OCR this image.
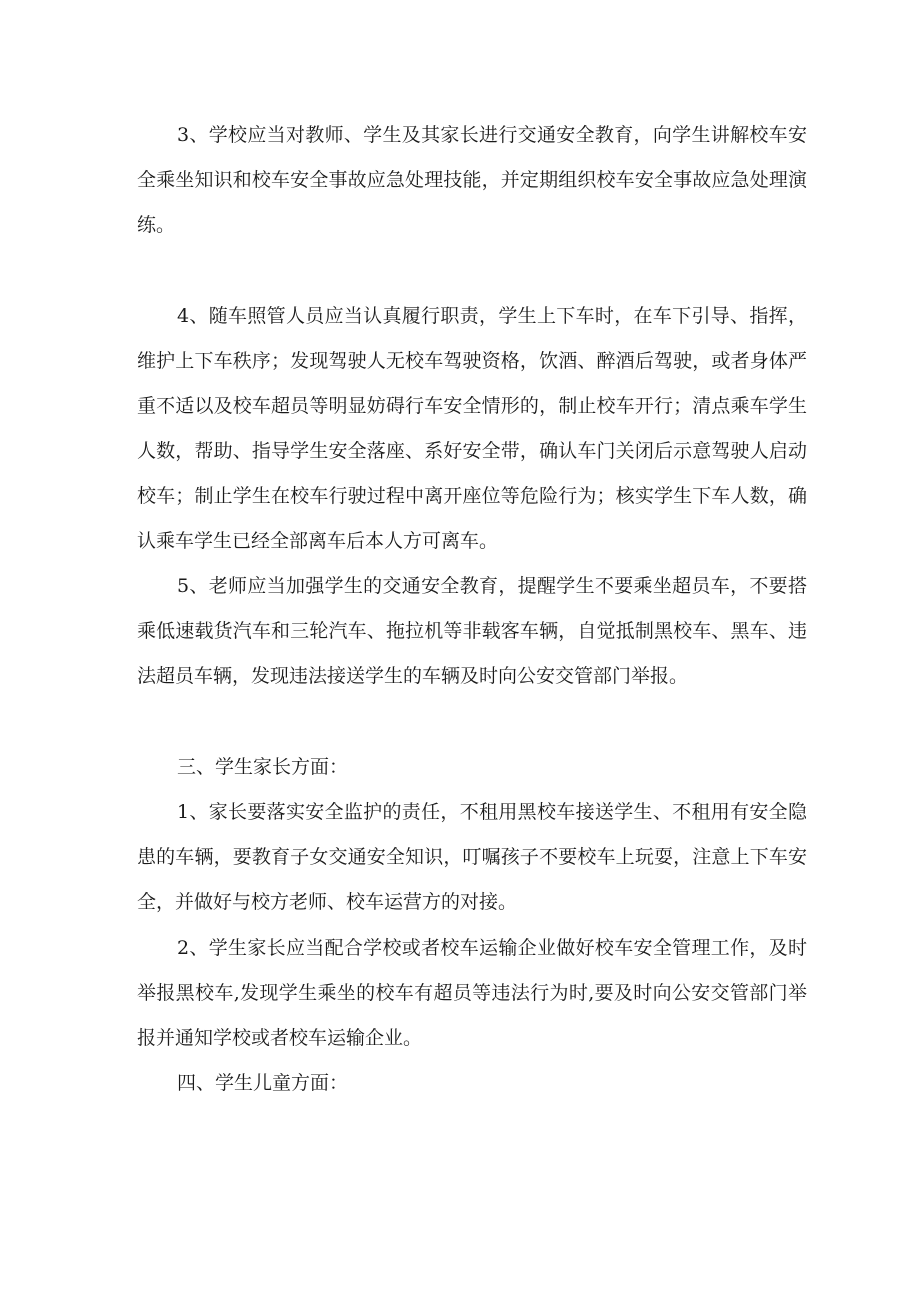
3、学校应当对教师、学生及其家长进行交通安全教育，向学生讲解校车安全乘坐知识和校车安全事故应急处理技能，并定期组织校车安全事故应急处理演练。

4、随车照管人员应当认真履行职责，学生上下车时，在车下引导、指挥，维护上下车秩序；发现驾驶人无校车驾驶资格，饮酒、醉酒后驾驶，或者身体严重不适以及校车超员等明显妨碍行车安全情形的，制止校车开行；清点乘车学生人数，帮助、指导学生安全落座、系好安全带，确认车门关闭后示意驾驶人启动校车；制止学生在校车行驶过程中离开座位等危险行为；核实学生下车人数，确认乘车学生已经全部离车后本人方可离车。

5、老师应当加强学生的交通安全教育，提醒学生不要乘坐超员车，不要搭乘低速载货汽车和三轮汽车、拖拉机等非载客车辆，自觉抵制黑校车、黑车、违法超员车辆，发现违法接送学生的车辆及时向公安交管部门举报。

三、学生家长方面：

1、家长要落实安全监护的责任，不租用黑校车接送学生、不租用有安全隐患的车辆，要教育子女交通安全知识，叮嘱孩子不要校车上玩耍，注意上下车安全，并做好与校方老师、校车运营方的对接。

2、学生家长应当配合学校或者校车运输企业做好校车安全管理工作，及时举报黑校车,发现学生乘坐的校车有超员等违法行为时,要及时向公安交管部门举报并通知学校或者校车运输企业。

四、学生儿童方面：
